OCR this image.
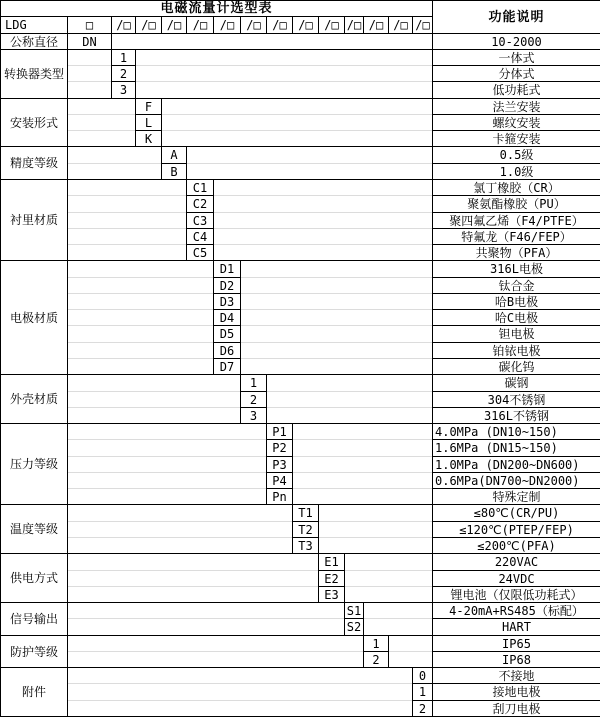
电磁流量计选型表
功能说明
LDG	□	/□ /□ /□ /□	/□	/□ /□ /□ /□ /□ /□ /□ /□
公称直径	DN	10-2000
转换器类型
1	一体式
2	分体式
3	低功耗式
安装形式
F	法兰安装
L	螺纹安装
K	卡箍安装
精度等级
A	0.5级
B	1.0级
衬里材质
C1	氯丁橡胶（CR）
C2	聚氨酯橡胶（PU）
C3	聚四氟乙烯（F4/PTFE）
C4	特氟龙（F46/FEP）
C5	共聚物（PFA）
电极材质
D1	316L电极
D2	钛合金
D3	哈B电极
D4	哈C电极
D5	钽电极
D6	铂铱电极
D7	碳化钨
外壳材质
1	碳钢
2	304不锈钢
3	316L不锈钢
压力等级
P1	4.0MPa (DN10~150)
P2	1.6MPa (DN15~150)
P3	1.0MPa (DN200~DN600)
P4	0.6MPa(DN700~DN2000)
Pn	特殊定制
温度等级
T1	≤80℃(CR/PU)
T2	≤120℃(PTEP/FEP)
T3	≤200℃(PFA)
供电方式
E1	220VAC
E2	24VDC
E3	锂电池（仅限低功耗式）
信号输出
S1	4-20mA+RS485（标配）
S2	HART
防护等级
1	IP65
2	IP68
附件
0	不接地
1	接地电极
2	刮刀电极
